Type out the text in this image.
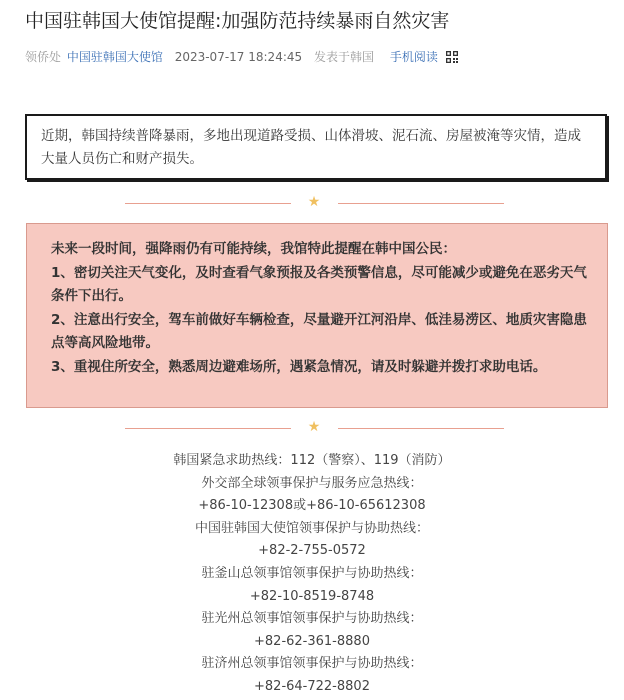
中国驻韩国大使馆提醒:加强防范持续暴雨自然灾害
领侨处 中国驻韩国大使馆 2023-07-17 18:24:45 发表于韩国 手机阅读

近期，韩国持续普降暴雨，多地出现道路受损、山体滑坡、泥石流、房屋被淹等灾情，造成大量人员伤亡和财产损失。

★

未来一段时间，强降雨仍有可能持续，我馆特此提醒在韩中国公民：

1、密切关注天气变化，及时查看气象预报及各类预警信息，尽可能减少或避免在恶劣天气条件下出行。

2、注意出行安全，驾车前做好车辆检查，尽量避开江河沿岸、低洼易涝区、地质灾害隐患点等高风险地带。

3、重视住所安全，熟悉周边避难场所，遇紧急情况，请及时躲避并拨打求助电话。

★
韩国紧急求助热线：112（警察）、119（消防）
外交部全球领事保护与服务应急热线：
+86-10-12308或+86-10-65612308
中国驻韩国大使馆领事保护与协助热线：
+82-2-755-0572
驻釜山总领事馆领事保护与协助热线：
+82-10-8519-8748
驻光州总领事馆领事保护与协助热线：
+82-62-361-8880
驻济州总领事馆领事保护与协助热线：
+82-64-722-8802
